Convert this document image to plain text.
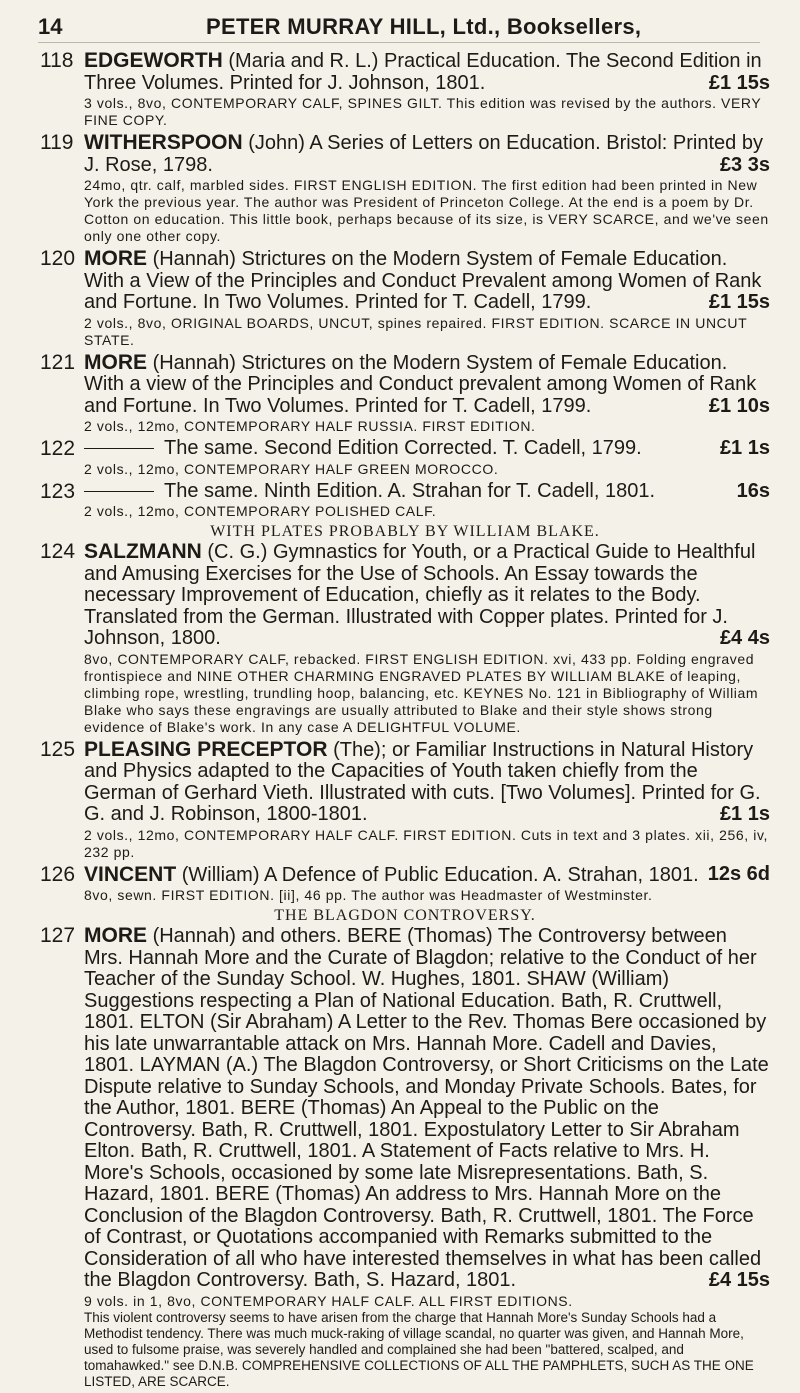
14	PETER MURRAY HILL, Ltd., Booksellers,
118 EDGEWORTH (Maria and R. L.) Practical Education. The Second Edition in Three Volumes. Printed for J. Johnson, 1801.	£1 15s

3 vols., 8vo, CONTEMPORARY CALF, SPINES GILT. This edition was revised by the authors. VERY FINE COPY.

119 WITHERSPOON (John) A Series of Letters on Education. Bristol: Printed by J. Rose, 1798.	£3 3s

24mo, qtr. calf, marbled sides. FIRST ENGLISH EDITION. The first edition had been printed in New York the previous year. The author was President of Princeton College. At the end is a poem by Dr. Cotton on education. This little book, perhaps because of its size, is VERY SCARCE, and we've seen only one other copy.

120 MORE (Hannah) Strictures on the Modern System of Female Education. With a View of the Principles and Conduct Prevalent among Women of Rank and Fortune. In Two Volumes. Printed for T. Cadell, 1799.	£1 15s

2 vols., 8vo, ORIGINAL BOARDS, UNCUT, spines repaired. FIRST EDITION. SCARCE IN UNCUT STATE.

121 MORE (Hannah) Strictures on the Modern System of Female Education. With a view of the Principles and Conduct prevalent among Women of Rank and Fortune. In Two Volumes. Printed for T. Cadell, 1799.	£1 10s

2 vols., 12mo, CONTEMPORARY HALF RUSSIA. FIRST EDITION.

122	The same. Second Edition Corrected. T. Cadell, 1799.	£1 1s

2 vols., 12mo, CONTEMPORARY HALF GREEN MOROCCO.

123	The same. Ninth Edition. A. Strahan for T. Cadell, 1801.	16s

2 vols., 12mo, CONTEMPORARY POLISHED CALF.

WITH PLATES PROBABLY BY WILLIAM BLAKE.

124 SALZMANN (C. G.) Gymnastics for Youth, or a Practical Guide to Healthful and Amusing Exercises for the Use of Schools. An Essay towards the necessary Improvement of Education, chiefly as it relates to the Body. Translated from the German. Illustrated with Copper plates. Printed for J. Johnson, 1800.	£4 4s

8vo, CONTEMPORARY CALF, rebacked. FIRST ENGLISH EDITION. xvi, 433 pp. Folding engraved frontispiece and NINE OTHER CHARMING ENGRAVED PLATES BY WILLIAM BLAKE of leaping, climbing rope, wrestling, trundling hoop, balancing, etc. KEYNES No. 121 in Bibliography of William Blake who says these engravings are usually attributed to Blake and their style shows strong evidence of Blake's work. In any case A DELIGHTFUL VOLUME.

125 PLEASING PRECEPTOR (The); or Familiar Instructions in Natural History and Physics adapted to the Capacities of Youth taken chiefly from the German of Gerhard Vieth. Illustrated with cuts. [Two Volumes]. Printed for G. G. and J. Robinson, 1800-1801.	£1 1s

2 vols., 12mo, CONTEMPORARY HALF CALF. FIRST EDITION. Cuts in text and 3 plates. xii, 256, iv, 232 pp.

126 VINCENT (William) A Defence of Public Education. A. Strahan, 1801. 12s 6d

8vo, sewn. FIRST EDITION. [ii], 46 pp. The author was Headmaster of Westminster.

THE BLAGDON CONTROVERSY.

127 MORE (Hannah) and others. BERE (Thomas) The Controversy between Mrs. Hannah More and the Curate of Blagdon; relative to the Conduct of her Teacher of the Sunday School. W. Hughes, 1801. SHAW (William) Suggestions respecting a Plan of National Education. Bath, R. Cruttwell, 1801. ELTON (Sir Abraham) A Letter to the Rev. Thomas Bere occasioned by his late unwarrantable attack on Mrs. Hannah More. Cadell and Davies, 1801. LAYMAN (A.) The Blagdon Controversy, or Short Criticisms on the Late Dispute relative to Sunday Schools, and Monday Private Schools. Bates, for the Author, 1801. BERE (Thomas) An Appeal to the Public on the Controversy. Bath, R. Cruttwell, 1801. Expostulatory Letter to Sir Abraham Elton. Bath, R. Cruttwell, 1801. A Statement of Facts relative to Mrs. H. More's Schools, occasioned by some late Misrepresentations. Bath, S. Hazard, 1801. BERE (Thomas) An address to Mrs. Hannah More on the Conclusion of the Blagdon Controversy. Bath, R. Cruttwell, 1801. The Force of Contrast, or Quotations accompanied with Remarks submitted to the Consideration of all who have interested themselves in what has been called the Blagdon Controversy. Bath, S. Hazard, 1801.	£4 15s

9 vols. in 1, 8vo, CONTEMPORARY HALF CALF. ALL FIRST EDITIONS.

This violent controversy seems to have arisen from the charge that Hannah More's Sunday Schools had a Methodist tendency. There was much muck-raking of village scandal, no quarter was given, and Hannah More, used to fulsome praise, was severely handled and complained she had been "battered, scalped, and tomahawked." see D.N.B. COMPREHENSIVE COLLECTIONS OF ALL THE PAMPHLETS, SUCH AS THE ONE LISTED, ARE SCARCE.
